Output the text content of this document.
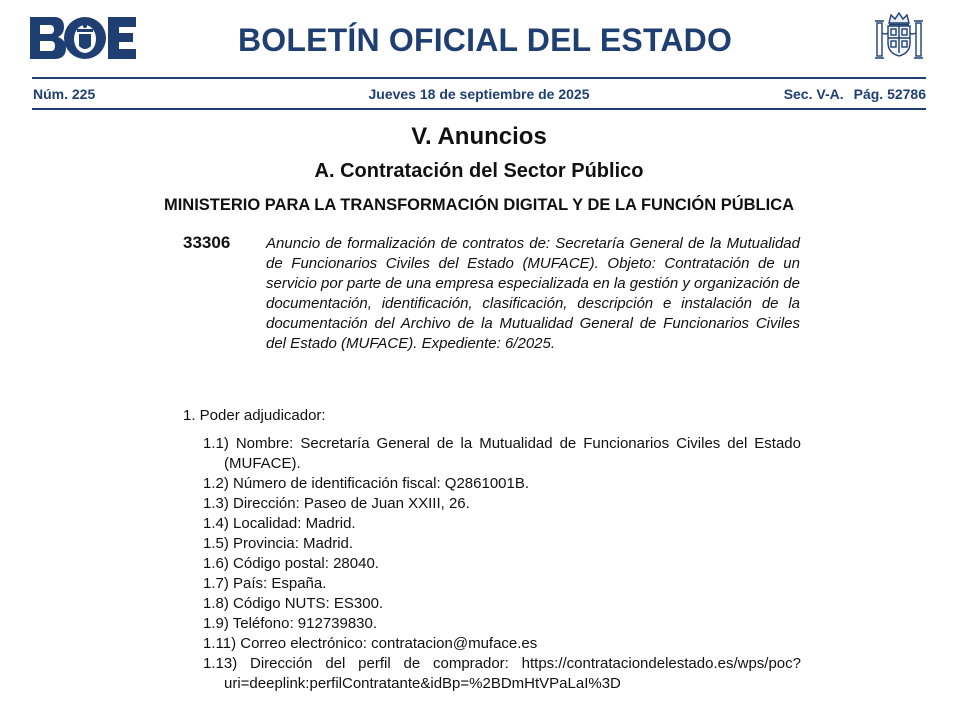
BOLETÍN OFICIAL DEL ESTADO
Núm. 225	Jueves 18 de septiembre de 2025	Sec. V-A. Pág. 52786
V. Anuncios
A. Contratación del Sector Público
MINISTERIO PARA LA TRANSFORMACIÓN DIGITAL Y DE LA FUNCIÓN PÚBLICA
33306 Anuncio de formalización de contratos de: Secretaría General de la Mutualidad de Funcionarios Civiles del Estado (MUFACE). Objeto: Contratación de un servicio por parte de una empresa especializada en la gestión y organización de documentación, identificación, clasificación, descripción e instalación de la documentación del Archivo de la Mutualidad General de Funcionarios Civiles del Estado (MUFACE). Expediente: 6/2025.

1. Poder adjudicador:
1.1) Nombre: Secretaría General de la Mutualidad de Funcionarios Civiles del Estado (MUFACE).
1.2) Número de identificación fiscal: Q2861001B.
1.3) Dirección: Paseo de Juan XXIII, 26.
1.4) Localidad: Madrid.
1.5) Provincia: Madrid.
1.6) Código postal: 28040.
1.7) País: España.
1.8) Código NUTS: ES300.
1.9) Teléfono: 912739830.
1.11) Correo electrónico: contratacion@muface.es
1.13) Dirección del perfil de comprador: https://contrataciondelestado.es/wps/poc?uri=deeplink:perfilContratante&idBp=%2BDmHtVPaLaI%3D
